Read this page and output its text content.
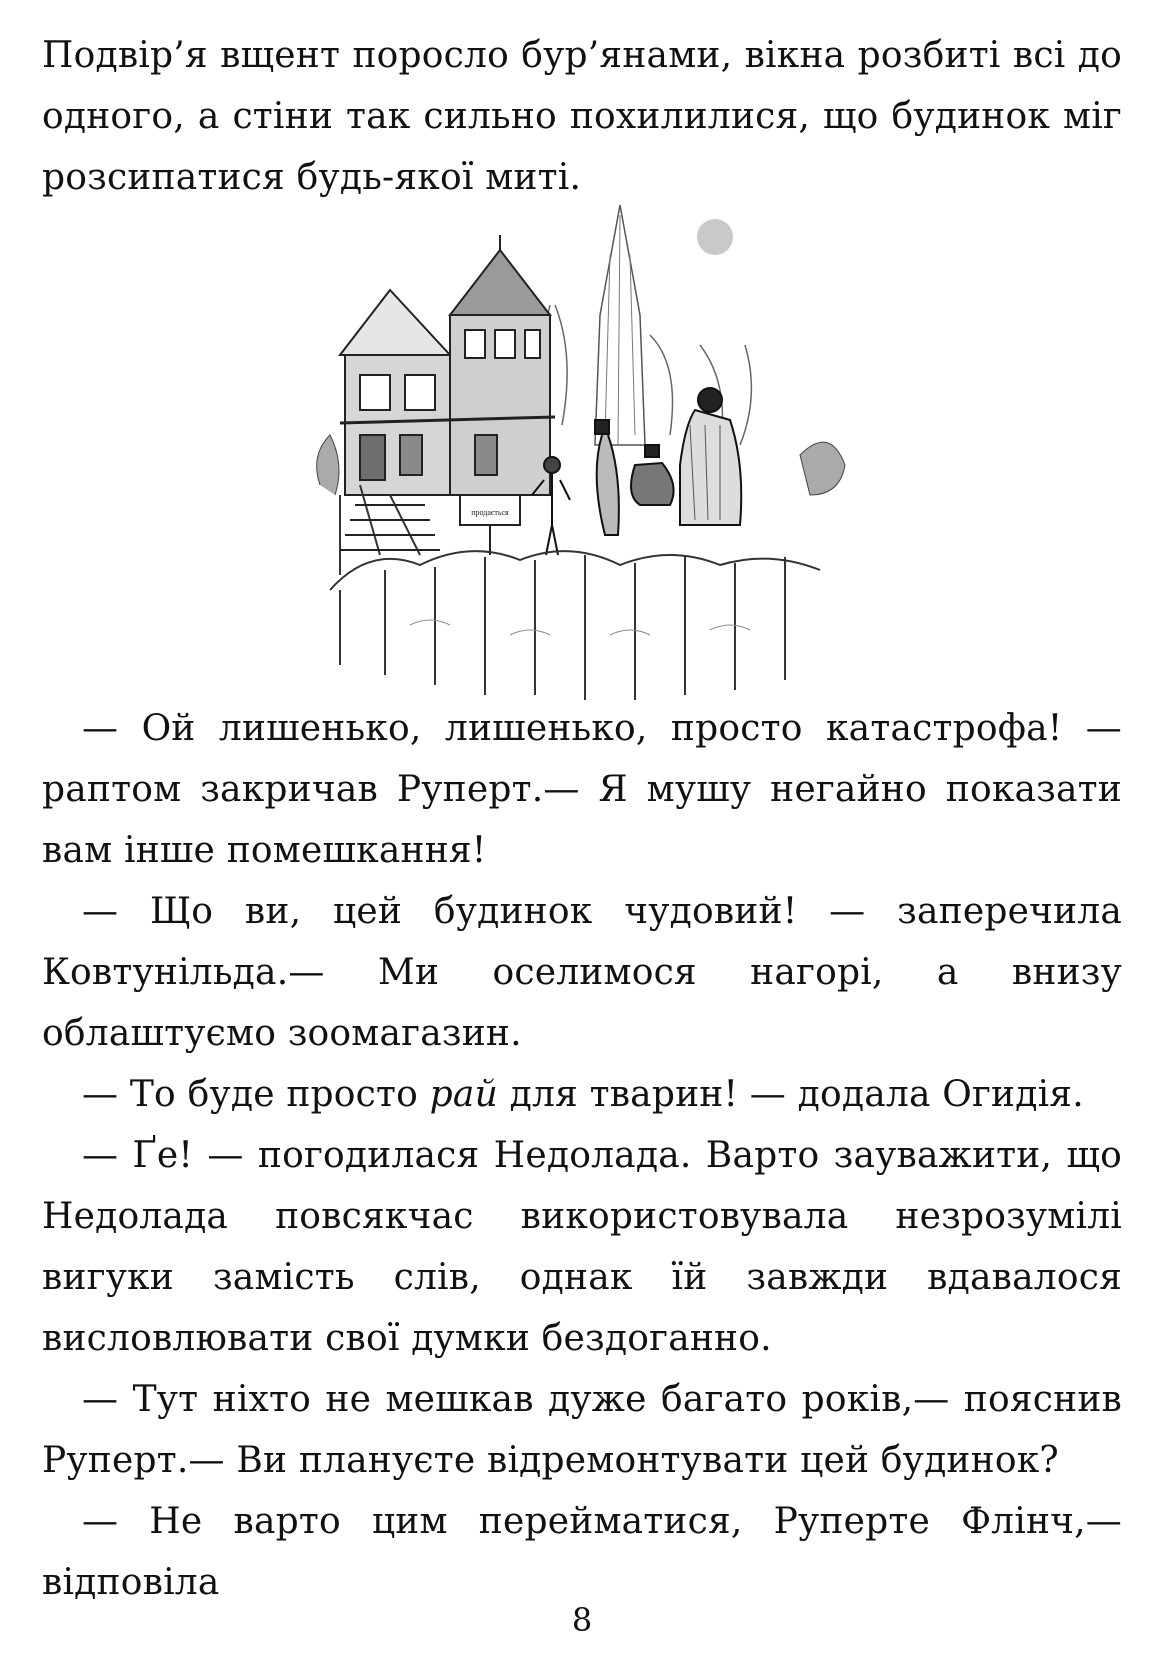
Подвір’я вщент поросло бур’янами, вікна розбиті всі до одного, а стіни так сильно похилилися, що будинок міг розсипатися будь-якої миті.

продається

— Ой лишенько, лишенько, просто катастрофа! — раптом закричав Руперт.— Я мушу негайно показати вам інше помешкання!

— Що ви, цей будинок чудовий! — заперечила Ковтунільда.— Ми оселимося нагорі, а внизу облаштуємо зоомагазин.

— То буде просто рай для тварин! — додала Огидія.

— Ґе! — погодилася Недолада. Варто зауважити, що Недолада повсякчас використовувала незрозумілі вигуки замість слів, однак їй завжди вдавалося висловлювати свої думки бездоганно.

— Тут ніхто не мешкав дуже багато років,— пояснив Руперт.— Ви плануєте відремонтувати цей будинок?

— Не варто цим перейматися, Руперте Флінч,— відповіла

8
